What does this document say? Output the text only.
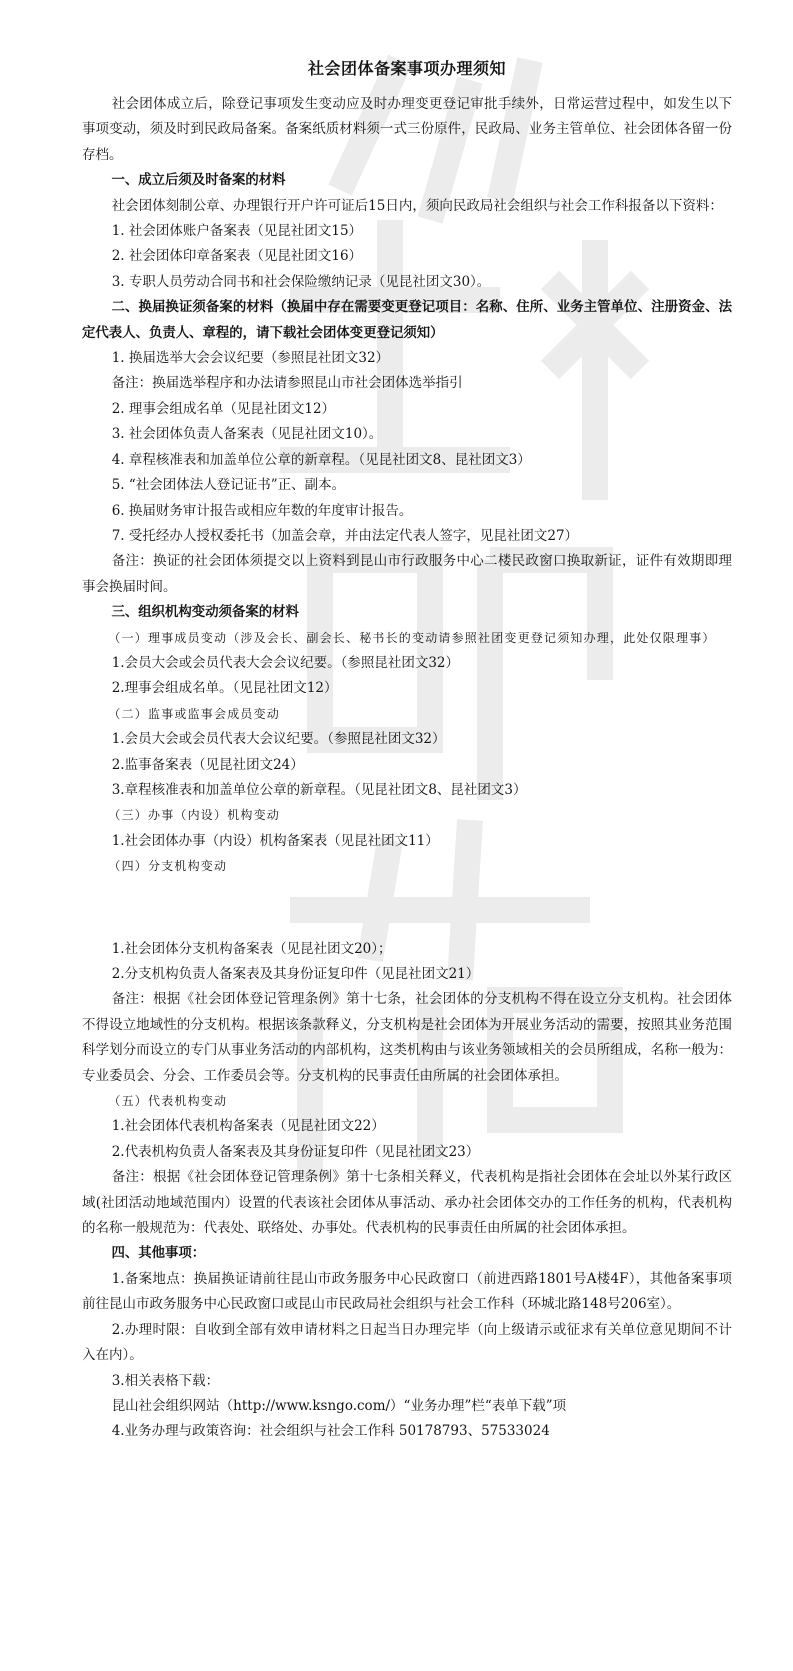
社会团体备案事项办理须知

社会团体成立后，除登记事项发生变动应及时办理变更登记审批手续外，日常运营过程中，如发生以下事项变动，须及时到民政局备案。备案纸质材料须一式三份原件，民政局、业务主管单位、社会团体各留一份存档。

一、成立后须及时备案的材料

社会团体刻制公章、办理银行开户许可证后15日内，须向民政局社会组织与社会工作科报备以下资料：

1. 社会团体账户备案表（见昆社团文15）

2. 社会团体印章备案表（见昆社团文16）

3. 专职人员劳动合同书和社会保险缴纳记录（见昆社团文30）。

二、换届换证须备案的材料（换届中存在需要变更登记项目：名称、住所、业务主管单位、注册资金、法定代表人、负责人、章程的，请下载社会团体变更登记须知）

1. 换届选举大会会议纪要（参照昆社团文32）

备注：换届选举程序和办法请参照昆山市社会团体选举指引

2. 理事会组成名单（见昆社团文12）

3. 社会团体负责人备案表（见昆社团文10）。

4. 章程核准表和加盖单位公章的新章程。（见昆社团文8、昆社团文3）

5. “社会团体法人登记证书”正、副本。

6. 换届财务审计报告或相应年数的年度审计报告。

7. 受托经办人授权委托书（加盖会章，并由法定代表人签字，见昆社团文27）

备注：换证的社会团体须提交以上资料到昆山市行政服务中心二楼民政窗口换取新证，证件有效期即理事会换届时间。

三、组织机构变动须备案的材料

（一）理事成员变动（涉及会长、副会长、秘书长的变动请参照社团变更登记须知办理，此处仅限理事）

1.会员大会或会员代表大会会议纪要。（参照昆社团文32）

2.理事会组成名单。（见昆社团文12）

（二）监事或监事会成员变动

1.会员大会或会员代表大会议纪要。（参照昆社团文32）

2.监事备案表（见昆社团文24）

3.章程核准表和加盖单位公章的新章程。（见昆社团文8、昆社团文3）

（三）办事（内设）机构变动

1.社会团体办事（内设）机构备案表（见昆社团文11）

（四）分支机构变动

1.社会团体分支机构备案表（见昆社团文20）；

2.分支机构负责人备案表及其身份证复印件（见昆社团文21）

备注：根据《社会团体登记管理条例》第十七条，社会团体的分支机构不得在设立分支机构。社会团体不得设立地域性的分支机构。根据该条款释义，分支机构是社会团体为开展业务活动的需要，按照其业务范围科学划分而设立的专门从事业务活动的内部机构，这类机构由与该业务领域相关的会员所组成，名称一般为：专业委员会、分会、工作委员会等。分支机构的民事责任由所属的社会团体承担。

（五）代表机构变动

1.社会团体代表机构备案表（见昆社团文22）

2.代表机构负责人备案表及其身份证复印件（见昆社团文23）

备注：根据《社会团体登记管理条例》第十七条相关释义，代表机构是指社会团体在会址以外某行政区域(社团活动地域范围内）设置的代表该社会团体从事活动、承办社会团体交办的工作任务的机构，代表机构的名称一般规范为：代表处、联络处、办事处。代表机构的民事责任由所属的社会团体承担。

四、其他事项：

1.备案地点：换届换证请前往昆山市政务服务中心民政窗口（前进西路1801号A楼4F），其他备案事项前往昆山市政务服务中心民政窗口或昆山市民政局社会组织与社会工作科（环城北路148号206室）。

2.办理时限：自收到全部有效申请材料之日起当日办理完毕（向上级请示或征求有关单位意见期间不计入在内）。

3.相关表格下载：

昆山社会组织网站（http://www.ksngo.com/）“业务办理”栏“表单下载”项

4.业务办理与政策咨询：社会组织与社会工作科 50178793、57533024
